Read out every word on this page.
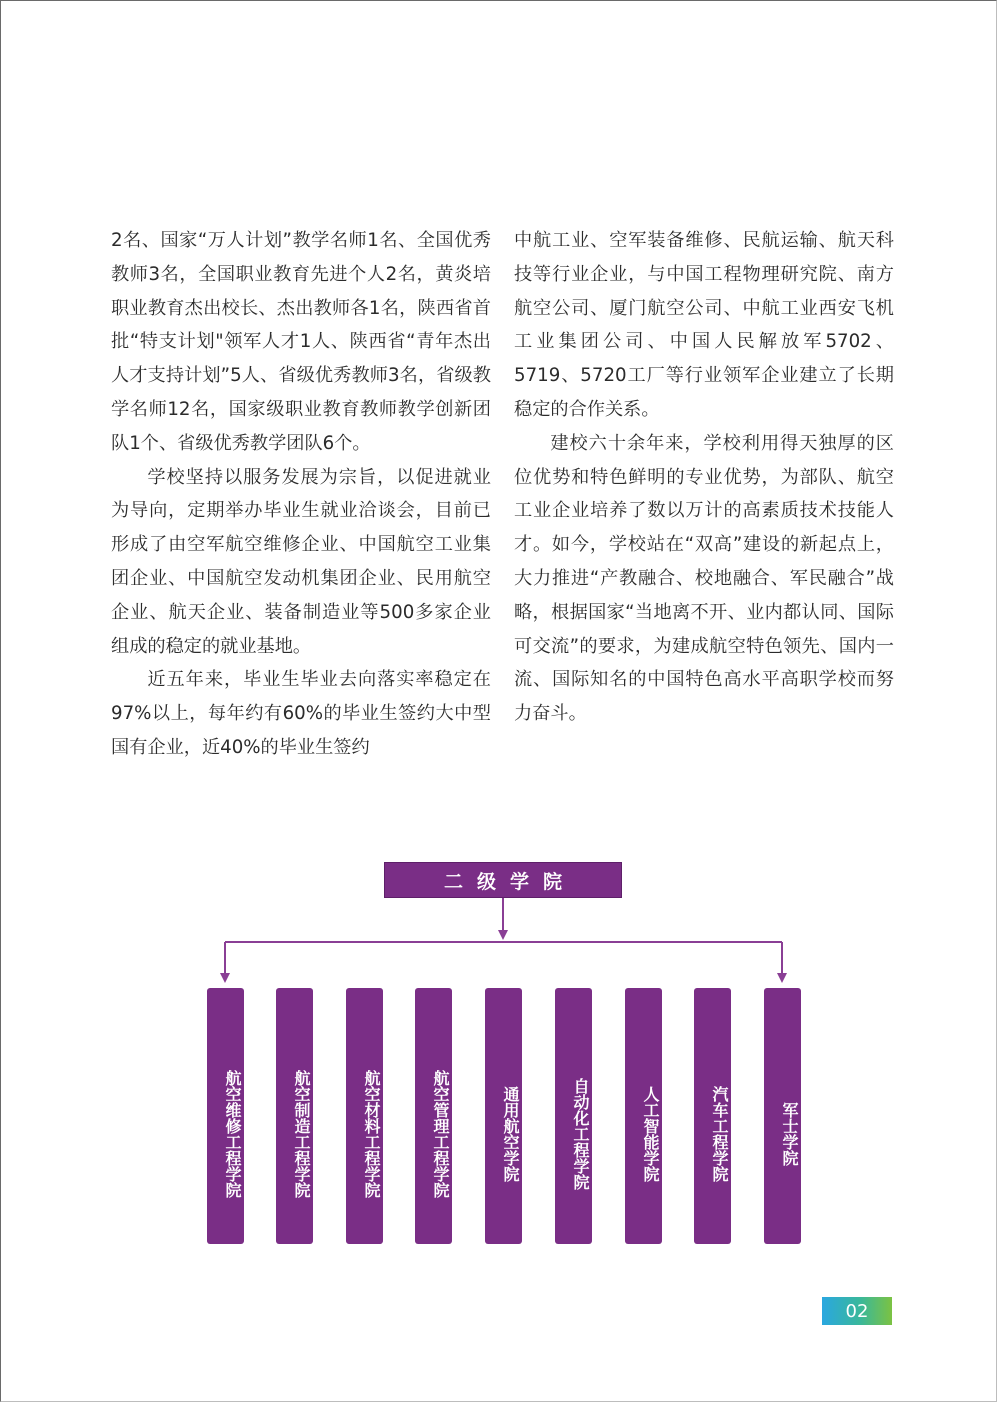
2名、国家“万人计划”教学名师1名、全国优秀教师3名，全国职业教育先进个人2名，黄炎培职业教育杰出校长、杰出教师各1名，陕西省首批“特支计划"领军人才1人、陕西省“青年杰出人才支持计划”5人、省级优秀教师3名，省级教学名师12名，国家级职业教育教师教学创新团队1个、省级优秀教学团队6个。

学校坚持以服务发展为宗旨，以促进就业为导向，定期举办毕业生就业洽谈会，目前已形成了由空军航空维修企业、中国航空工业集团企业、中国航空发动机集团企业、民用航空企业、航天企业、装备制造业等500多家企业组成的稳定的就业基地。

近五年来，毕业生毕业去向落实率稳定在97%以上，每年约有60%的毕业生签约大中型国有企业，近40%的毕业生签约

中航工业、空军装备维修、民航运输、航天科技等行业企业，与中国工程物理研究院、南方航空公司、厦门航空公司、中航工业西安飞机工业集团公司、中国人民解放军5702、5719、5720工厂等行业领军企业建立了长期稳定的合作关系。

建校六十余年来，学校利用得天独厚的区位优势和特色鲜明的专业优势，为部队、航空工业企业培养了数以万计的高素质技术技能人才。如今，学校站在“双高”建设的新起点上，大力推进“产教融合、校地融合、军民融合”战略，根据国家“当地离不开、业内都认同、国际可交流”的要求，为建成航空特色领先、国内一流、国际知名的中国特色高水平高职学校而努力奋斗。

二级学院
航空维修工程学院	航空制造工程学院	航空材料工程学院	航空管理工程学院	通用航空学院	自动化工程学院	人工智能学院	汽车工程学院	军士学院
02
